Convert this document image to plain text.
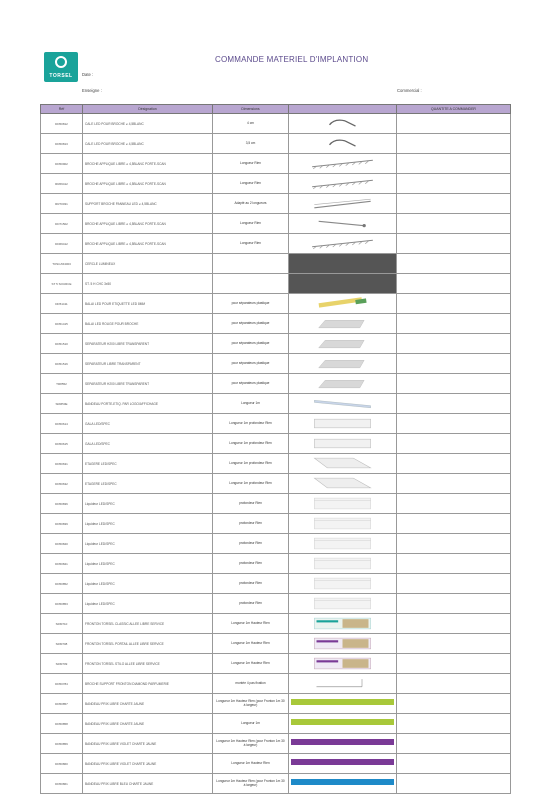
TORSEL
COMMANDE MATERIEL D'IMPLANTION
Date :
Enseigne :	Commercial :
Réf	Désignation	Dimensions		QUANTITE A COMMANDER
DD50812	CALE LED POUR BROCHE ⌀ 4,5BLANC	4 cm	

DD50813	CALE LED POUR BROCHE ⌀ 4,5BLANC	3,5 cm	

DD50902	BROCHE APPLIQUE LIBRE ⌀ 4,5BLANC PORTE-SCAN	Longueur Rien	

RR69412	BROCHE APPLIQUE LIBRE ⌀ 4,5BLANC PORTE-SCAN	Longueur Rien	

RR70031	SUPPORT BROCHE PANNEAU LED ⌀ 4,5BLANC	Adapté au 2 longueurs	

DD71502	BROCHE APPLIQUE LIBRE ⌀ 4,5BLANC PORTE-SCAN	Longueur Rien	

DD69412	BROCHE APPLIQUE LIBRE ⌀ 4,5BLANC PORTE-SCAN	Longueur Rien	

TOSCA54003	CERCLE LUMINEUX			
ST 5 SOURCE	ST. 5 H CHC 3x50			
DD51411	BALAI LED POUR ETIQUETTE LED 8MM	pour séparateurs plastique	

DD51415	BALAI LED ROUGE POUR BROCHE	pour séparateurs plastique	

DD51510	SEPARATEUR H200 LIBRE TRANSPARENT	pour séparateurs plastique	

DD51516	SEPARATEUR LIBRE TRANSPARENT	pour séparateurs plastique	

TR8552	SEPARATEUR H200 LIBRE TRANSPARENT	pour séparateurs plastique	

SRM50E	BANDEAU PORTE-ETIQ. PAR LOGO/AFFICHAGE	Longueur 1m	

DD50614	GALA LED/SPEC	Longueur 1m profondeur Rien	

DD50615	GALA LED/SPEC	Longueur 1m profondeur Rien	

DD50631	ETAGERE LED/SPEC	Longueur 1m profondeur Rien	

DD50632	ETAGERE LED/SPEC	Longueur 1m profondeur Rien	

DD50836	Liquideur LED/SPEC	profondeur Rien	

DD50839	Liquideur LED/SPEC	profondeur Rien	

DD50840	Liquideur LED/SPEC	profondeur Rien	

DD50841	Liquideur LED/SPEC	profondeur Rien	

DD50852	Liquideur LED/SPEC	profondeur Rien	

DD50853	Liquideur LED/SPEC	profondeur Rien	

SRM710	FRONTON TORSEL CLASSIC ALLEE LIBRE SERVICE	Longueur 1m Hauteur Rien	

SRM708	FRONTON TORSEL PORTAIL ALLEE LIBRE SERVICE	Longueur 1m Hauteur Rien	

SRM709	FRONTON TORSEL STILO ALLEE LIBRE SERVICE	Longueur 1m Hauteur Rien	

DD50784	BROCHE SUPPORT FRONTON DIAMOND PARFUMERIE	montée 4 pas fixation	

DD50857	BANDEAU PRIX LIBRE CHARTE JAUNE	Longueur 1m Hauteur Rien (pour Fronton 1m 30 à largeur)	

DD50858	BANDEAU PRIX LIBRE CHARTE JAUNE	Longueur 1m	

DD50859	BANDEAU PRIX LIBRE VIOLET CHARTE JAUNE	Longueur 1m Hauteur Rien (pour Fronton 1m 30 à largeur)	

DD50860	BANDEAU PRIX LIBRE VIOLET CHARTE JAUNE	Longueur 1m Hauteur Rien	

DD50861	BANDEAU PRIX LIBRE BLEU CHARTE JAUNE	Longueur 1m Hauteur Rien (pour Fronton 1m 30 à largeur)	
